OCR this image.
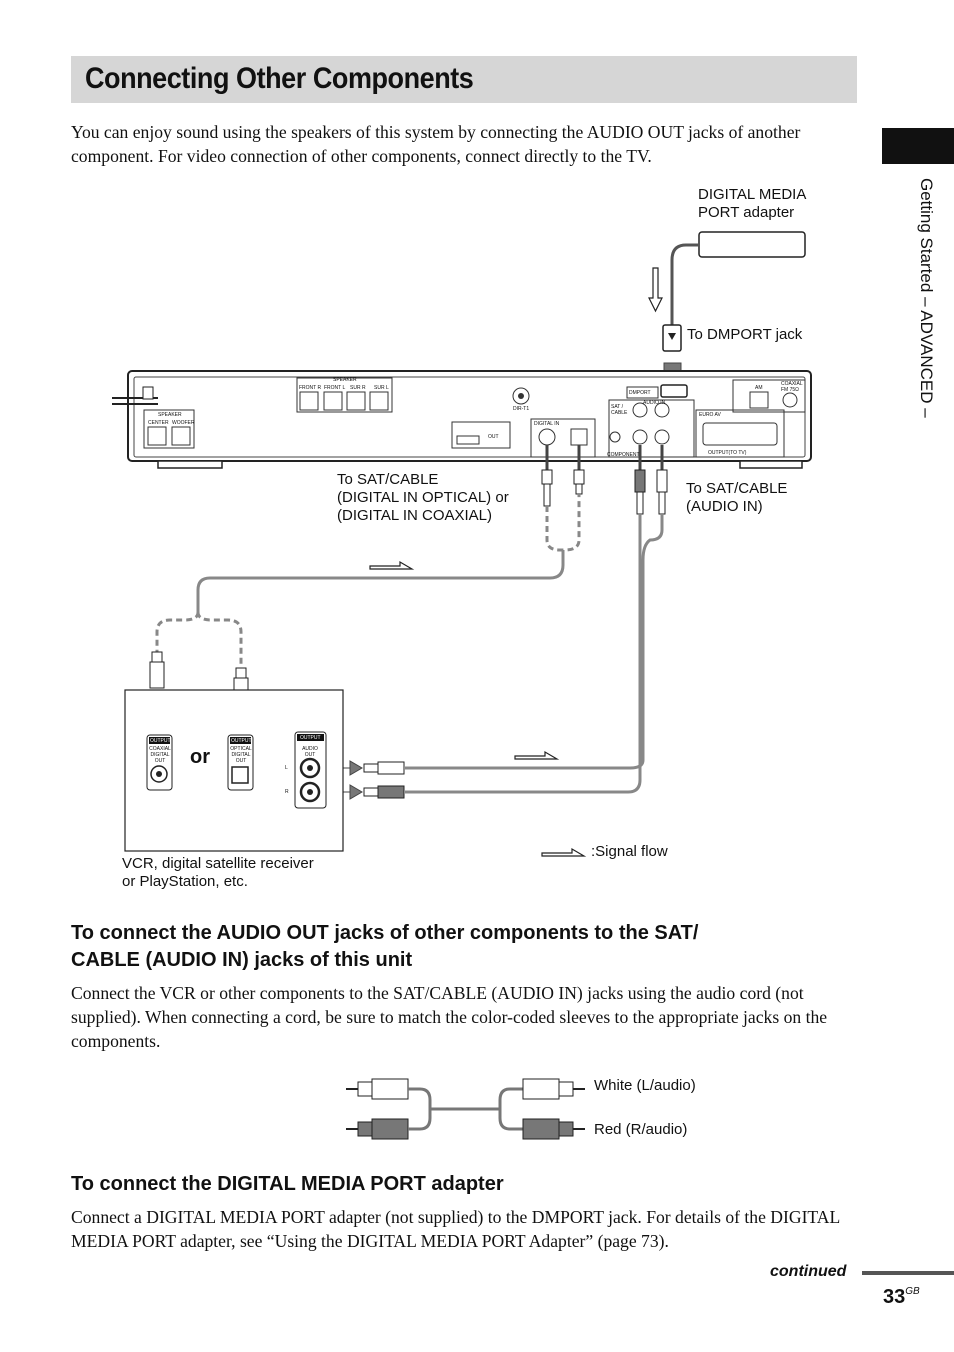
Connecting Other Components
You can enjoy sound using the speakers of this system by connecting the AUDIO OUT jacks of another component. For video connection of other components, connect directly to the TV.
Getting Started – ADVANCED –
SPEAKER
FRONT R FRONT L SUR R SUR L
SPEAKER
CENTER WOOFER
DIR-T1
OUT
DIGITAL IN
DMPORT
SAT / CABLE
AUDIO IN
COMPONENT
EURO AV
OUTPUT(TO TV)
AM
COAXIAL FM 75Ω
OUTPUT
COAXIAL DIGITAL OUT
OUTPUT
OPTICAL DIGITAL OUT
OUTPUT
AUDIO OUT
L
R
DIGITAL MEDIA
PORT adapter
To DMPORT jack
To SAT/CABLE
(DIGITAL IN OPTICAL) or
(DIGITAL IN COAXIAL)
To SAT/CABLE
(AUDIO IN)
or
:Signal flow
VCR, digital satellite receiver
or PlayStation, etc.
To connect the AUDIO OUT jacks of other components to the SAT/
CABLE (AUDIO IN) jacks of this unit
Connect the VCR or other components to the SAT/CABLE (AUDIO IN) jacks using the audio cord (not supplied). When connecting a cord, be sure to match the color-coded sleeves to the appropriate jacks on the components.
White (L/audio)
Red (R/audio)
To connect the DIGITAL MEDIA PORT adapter
Connect a DIGITAL MEDIA PORT adapter (not supplied) to the DMPORT jack. For details of the DIGITAL MEDIA PORT adapter, see “Using the DIGITAL MEDIA PORT Adapter” (page 73).
continued
$33^{GB}$
